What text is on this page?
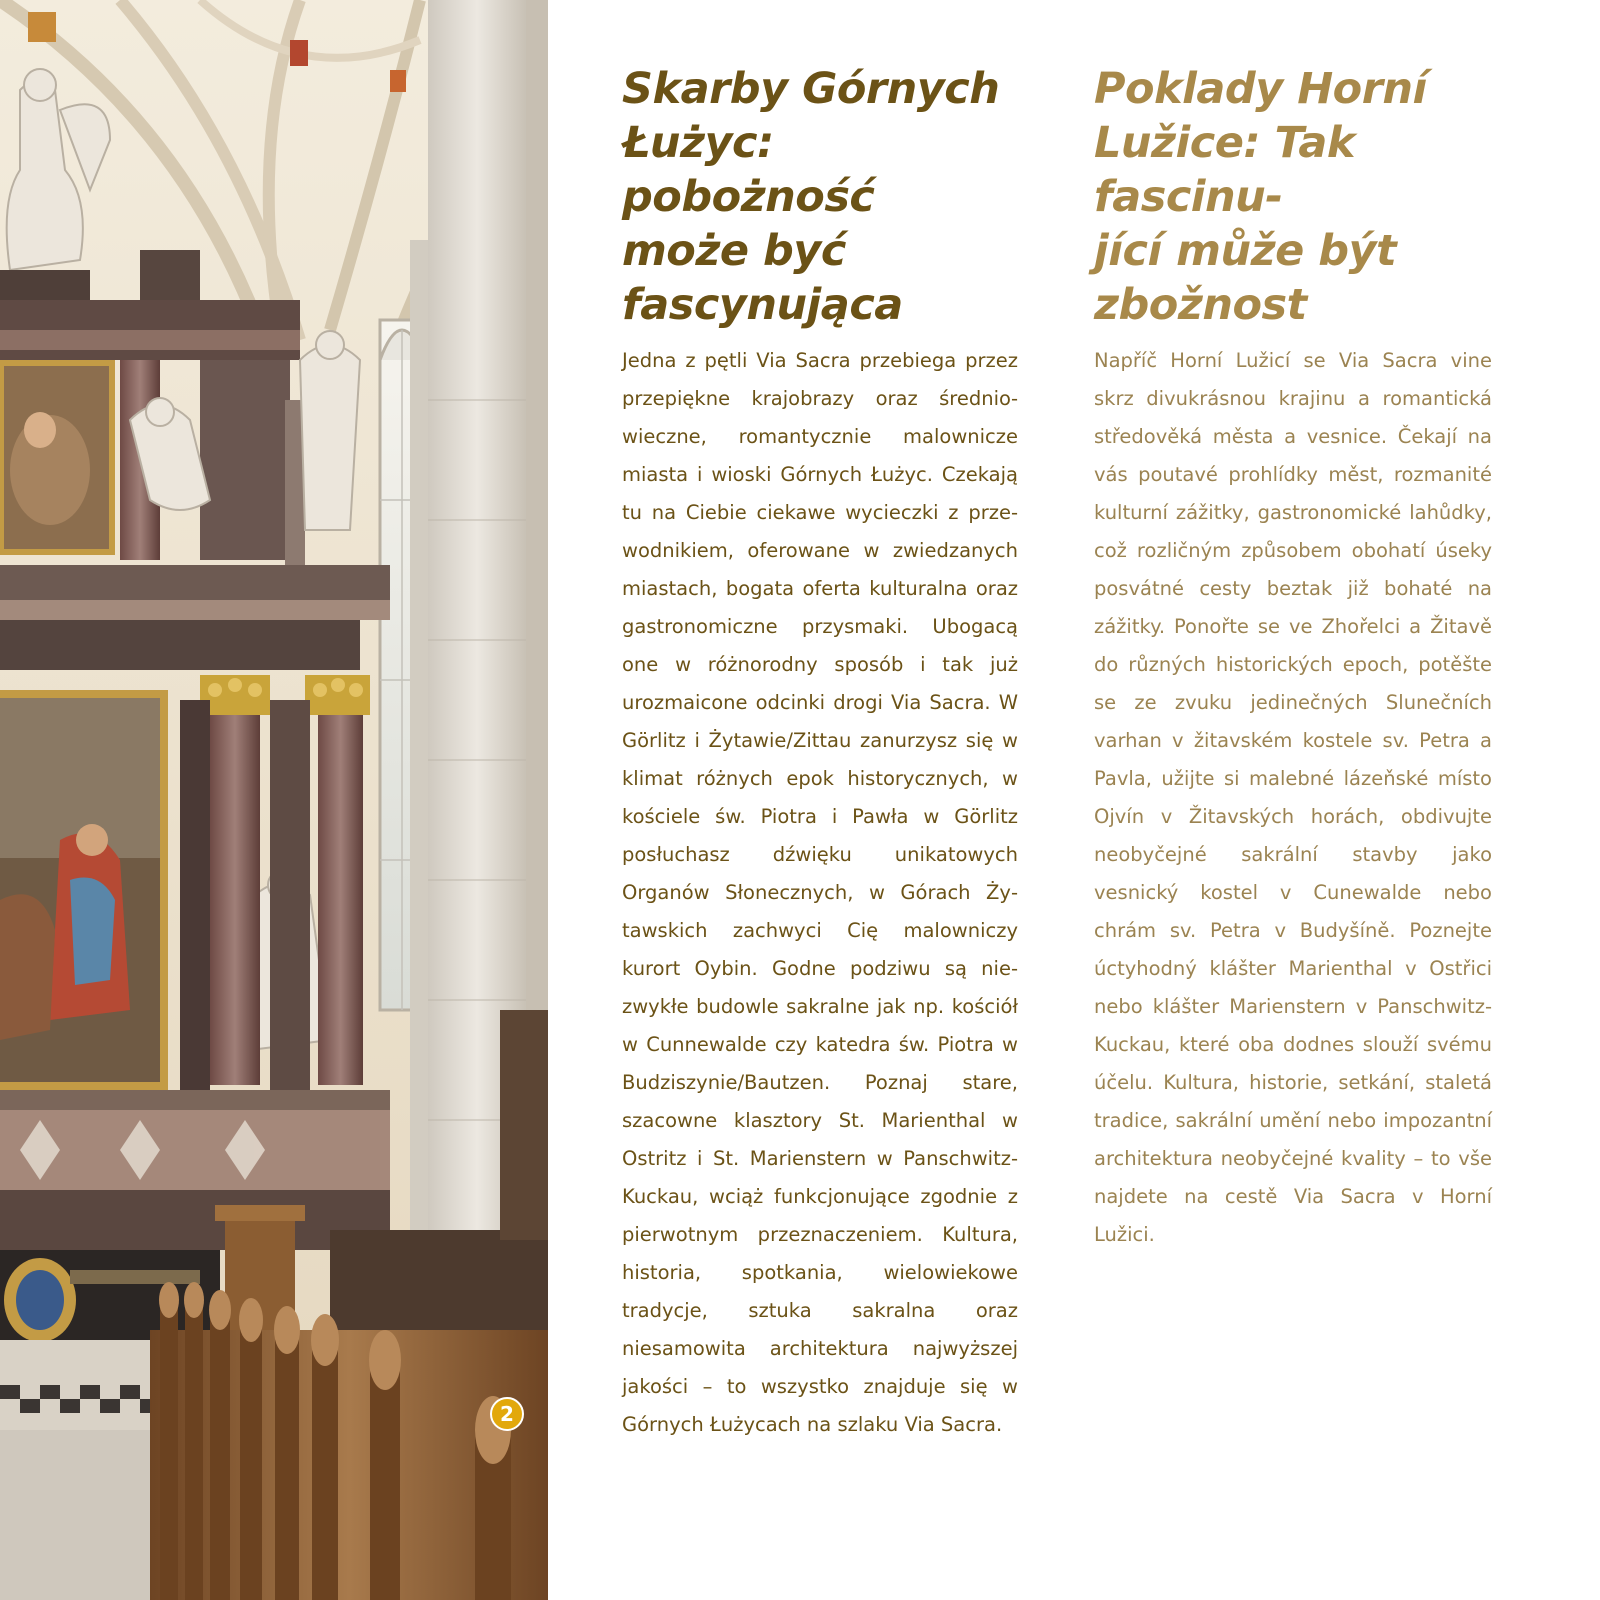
2
Skarby Górnych
Łużyc: pobożność
może być
fascynująca

Jedna z pętli Via Sacra przebiega przez przepiękne krajobrazy oraz średniowieczne, romantycznie malownicze miasta i wioski Górnych Łużyc. Czekają tu na Ciebie ciekawe wycieczki z przewodnikiem, oferowane w zwiedzanych miastach, bogata oferta kulturalna oraz gastronomiczne przysmaki. Ubogacą one w różnorodny sposób i tak już urozmaicone odcinki drogi Via Sacra. W Görlitz i Żytawie/Zittau zanurzysz się w klimat różnych epok historycznych, w kościele św. Piotra i Pawła w Görlitz posłuchasz dźwięku unikatowych Organów Słonecznych, w Górach Żytawskich zachwyci Cię malowniczy kurort Oybin. Godne podziwu są niezwykłe budowle sakralne jak np. kościół w Cunnewalde czy katedra św. Piotra w Budziszynie/Bautzen. Poznaj stare, szacowne klasztory St. Marienthal w Ostritz i St. Marienstern w Panschwitz-Kuckau, wciąż funkcjonujące zgodnie z pierwotnym przeznaczeniem. Kultura, historia, spotkania, wielowiekowe tradycje, sztuka sakralna oraz niesamowita architektura najwyższej jakości – to wszystko znajduje się w Górnych Łużycach na szlaku Via Sacra.

Poklady Horní
Lužice: Tak fascinu-
jící může být
zbožnost

Napříč Horní Lužicí se Via Sacra vine skrz divukrásnou krajinu a romantická středověká města a vesnice. Čekají na vás poutavé prohlídky měst, rozmanité kulturní zážitky, gastronomické lahůdky, což rozličným způsobem obohatí úseky posvátné cesty beztak již bohaté na zážitky. Ponořte se ve Zhořelci a Žitavě do různých historických epoch, potěšte se ze zvuku jedinečných Slunečních varhan v žitavském kostele sv. Petra a Pavla, užijte si malebné lázeňské místo Ojvín v Žitavských horách, obdivujte neobyčejné sakrální stavby jako vesnický kostel v Cunewalde nebo chrám sv. Petra v Budyšíně. Poznejte úctyhodný klášter Marienthal v Ostřici nebo klášter Marienstern v Panschwitz-Kuckau, které oba dodnes slouží svému účelu. Kultura, historie, setkání, staletá tradice, sakrální umění nebo impozantní architektura neobyčejné kvality – to vše najdete na cestě Via Sacra v Horní Lužici.
